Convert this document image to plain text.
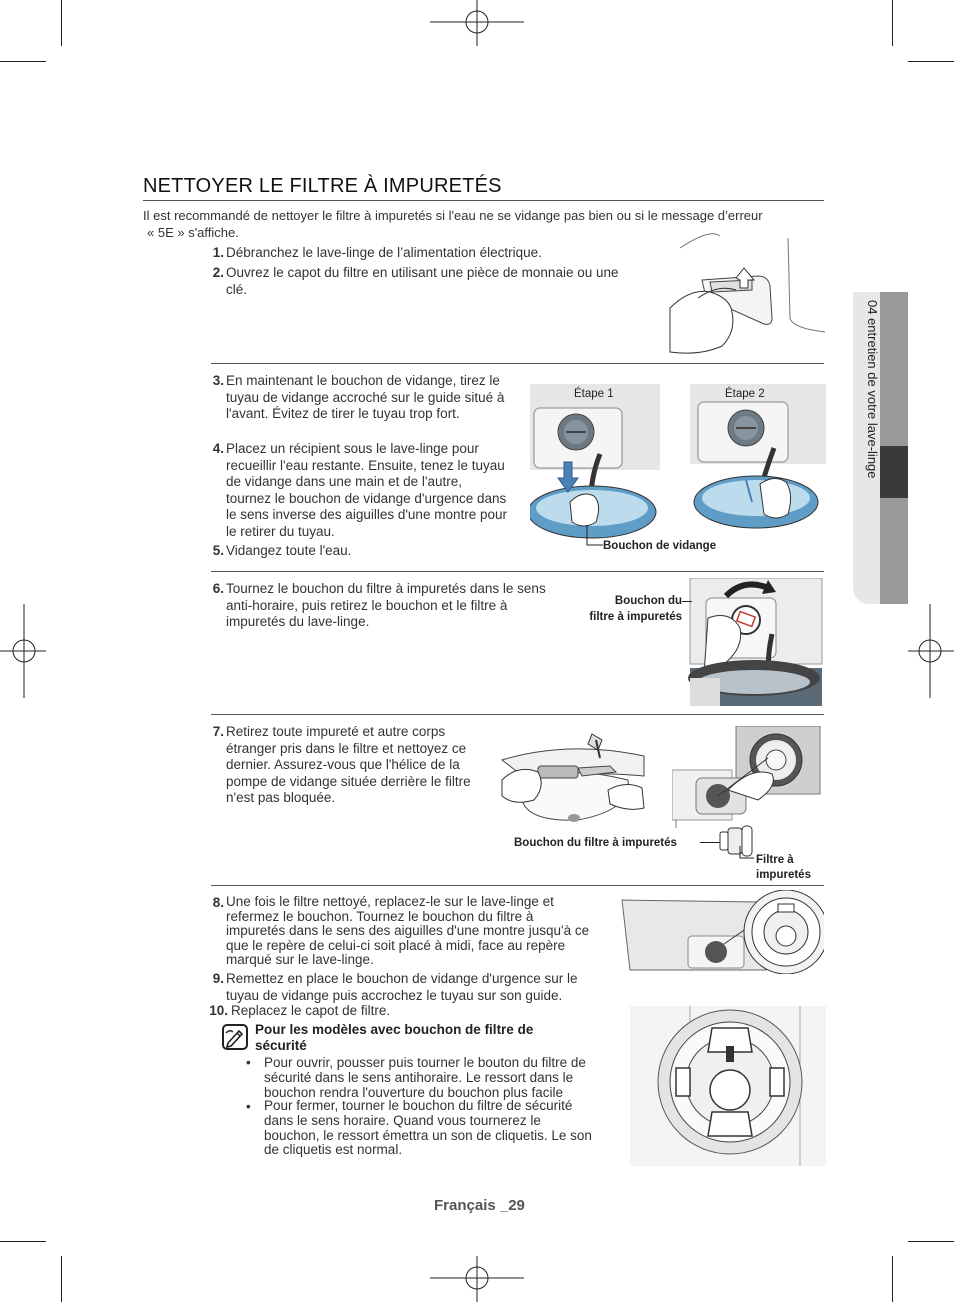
04 entretien de votre lave-linge
NETTOYER LE FILTRE À IMPURETÉS
Il est recommandé de nettoyer le filtre à impuretés si l'eau ne se vidange pas bien ou si le message d’erreur
« 5E » s'affiche.
1. Débranchez le lave-linge de l’alimentation électrique.
2. Ouvrez le capot du filtre en utilisant une pièce de monnaie ou une clé.
3. En maintenant le bouchon de vidange, tirez le tuyau de vidange accroché sur le guide situé à l'avant. Évitez de tirer le tuyau trop fort.
4. Placez un récipient sous le lave-linge pour recueillir l'eau restante. Ensuite, tenez le tuyau de vidange dans une main et de l'autre, tournez le bouchon de vidange d'urgence dans le sens inverse des aiguilles d'une montre pour le retirer du tuyau.
5. Vidangez toute l'eau.
Étape 1	Étape 2
Bouchon de vidange
6. Tournez le bouchon du filtre à impuretés dans le sens anti-horaire, puis retirez le bouchon et le filtre à impuretés du lave-linge.
Bouchon du
filtre à impuretés
7. Retirez toute impureté et autre corps étranger pris dans le filtre et nettoyez ce dernier. Assurez-vous que l'hélice de la pompe de vidange située derrière le filtre n'est pas bloquée.
Bouchon du filtre à impuretés
Filtre à
impuretés
8. Une fois le filtre nettoyé, replacez-le sur le lave-linge et refermez le bouchon. Tournez le bouchon du filtre à impuretés dans le sens des aiguilles d'une montre jusqu'à ce que le repère de celui-ci soit placé à midi, face au repère marqué sur le lave-linge.
9. Remettez en place le bouchon de vidange d'urgence sur le tuyau de vidange puis accrochez le tuyau sur son guide.
10. Replacez le capot de filtre.
Pour les modèles avec bouchon de filtre de sécurité
• Pour ouvrir, pousser puis tourner le bouton du filtre de sécurité dans le sens antihoraire. Le ressort dans le bouchon rendra l'ouverture du bouchon plus facile
• Pour fermer, tourner le bouchon du filtre de sécurité dans le sens horaire. Quand vous tournerez le bouchon, le ressort émettra un son de cliquetis. Le son de cliquetis est normal.
Français _29
